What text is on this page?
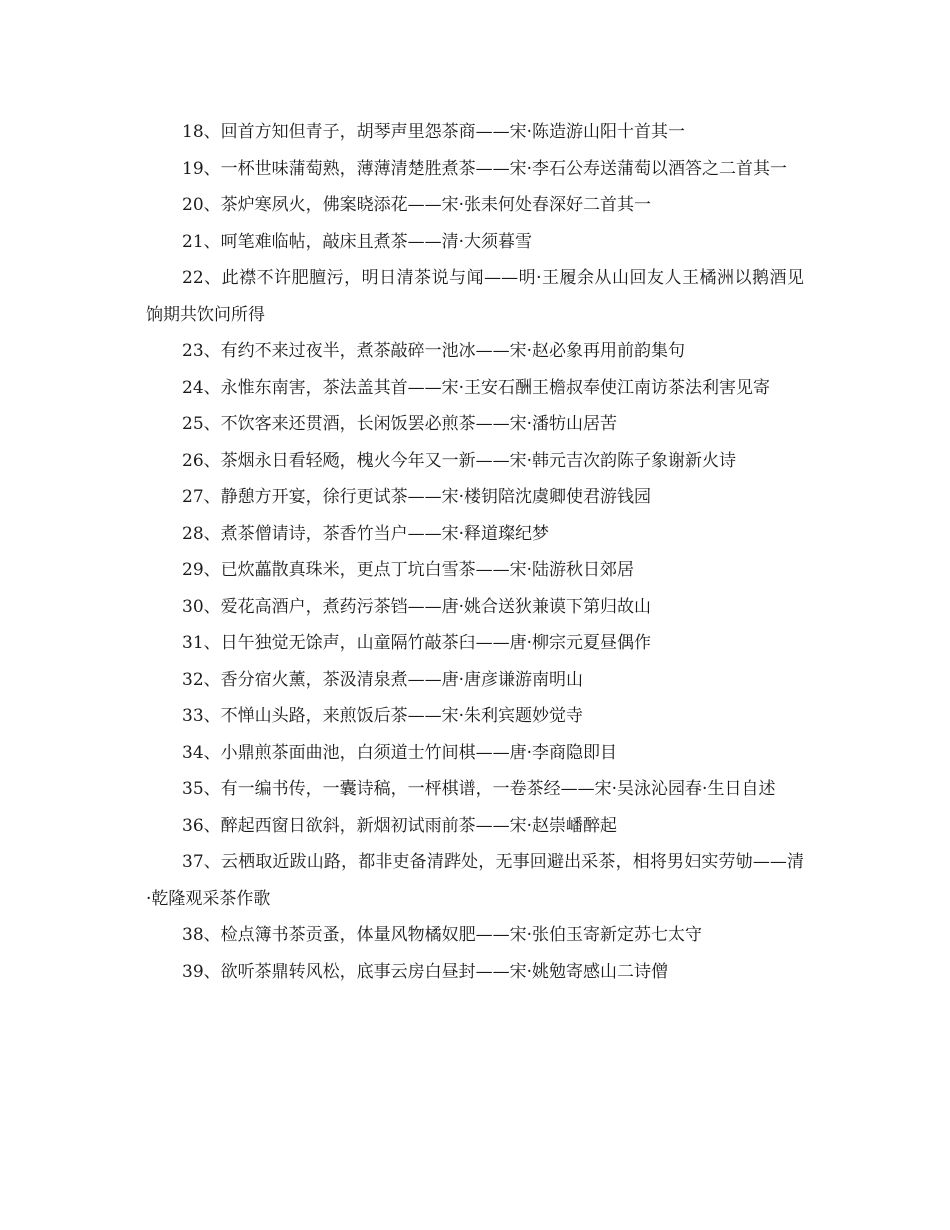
18、回首方知但青子，胡琴声里怨茶商——宋·陈造游山阳十首其一
19、一杯世味蒲萄熟，薄薄清楚胜煮茶——宋·李石公寿送蒲萄以酒答之二首其一
20、茶炉寒夙火，佛案晓添花——宋·张耒何处春深好二首其一
21、呵笔难临帖，敲床且煮茶——清·大须暮雪
22、此襟不许肥膻污，明日清茶说与闻——明·王履余从山回友人王橘洲以鹅酒见饷期共饮问所得
23、有约不来过夜半，煮茶敲碎一池冰——宋·赵必象再用前韵集句
24、永惟东南害，茶法盖其首——宋·王安石酬王檐叔奉使江南访茶法利害见寄
25、不饮客来还贯酒，长闲饭罢必煎茶——宋·潘牥山居苦
26、茶烟永日看轻飏，槐火今年又一新——宋·韩元吉次韵陈子象谢新火诗
27、静憩方开宴，徐行更试茶——宋·楼钥陪沈虞卿使君游钱园
28、煮茶僧请诗，茶香竹当户——宋·释道璨纪梦
29、已炊藟散真珠米，更点丁坑白雪茶——宋·陆游秋日郊居
30、爱花高酒户，煮药污茶铛——唐·姚合送狄兼谟下第归故山
31、日午独觉无馀声，山童隔竹敲茶臼——唐·柳宗元夏昼偶作
32、香分宿火薰，茶汲清泉煮——唐·唐彦谦游南明山
33、不惮山头路，来煎饭后茶——宋·朱利宾题妙觉寺
34、小鼎煎茶面曲池，白须道士竹间棋——唐·李商隐即目
35、有一编书传，一囊诗稿，一枰棋谱，一卷茶经——宋·吴泳沁园春·生日自述
36、醉起西窗日欲斜，新烟初试雨前茶——宋·赵崇嶓醉起
37、云栖取近跋山路，都非吏备清跸处，无事回避出采茶，相将男妇实劳劬——清·乾隆观采茶作歌
38、检点簿书茶贡蚤，体量风物橘奴肥——宋·张伯玉寄新定苏七太守
39、欲听茶鼎转风松，底事云房白昼封——宋·姚勉寄感山二诗僧
